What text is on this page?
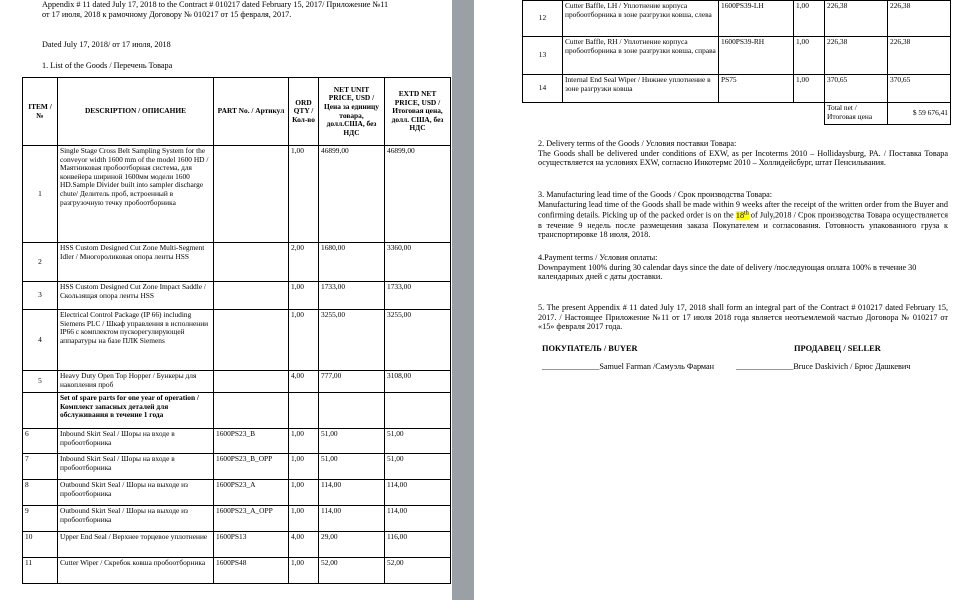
Appendix # 11 dated July 17, 2018 to the Contract # 010217 dated February 15, 2017/ Приложение №11
от 17 июля, 2018 к рамочному Договору № 010217 от 15 февраля, 2017.

Dated July 17, 2018/ от 17 июля, 2018

1. List of the Goods / Перечень Товара

ITEM / №	DESCRIPTION / ОПИСАНИЕ	PART No. / Артикул	ORD QTY / Кол-во	NET UNIT PRICE, USD / Цена за единицу товара, долл.США, без НДС	EXTD NET PRICE, USD / Итоговая цена, долл. США, без НДС
1	Single Stage Cross Belt Sampling System for the conveyor width 1600 mm of the model 1600 HD / Маятниковая пробоотборная система, для конвейера шириной 1600мм модели 1600 HD.Sample Divider built into sampler discharge chute/ Делитель проб, встроенный в разгрузочную течку пробоотборника		1,00	46899,00	46899,00
2	HSS Custom Designed Cut Zone Multi-Segment Idler / Многороликовая опора ленты HSS		2,00	1680,00	3360,00
3	HSS Custom Designed Cut Zone Impact Saddle /Скользящая опора ленты HSS		1,00	1733,00	1733,00
4	Electrical Control Package (IP 66) including Siemens PLC / Шкаф управления в исполнении IP66 с комплектом пускорегулирующей аппаратуры на базе ПЛК Siemens		1,00	3255,00	3255,00
5	Heavy Duty Open Top Hopper / Бункеры для накопления проб		4,00	777,00	3108,00
	Set of spare parts for one year of operation / Комплект запасных деталей для обслуживания в течение 1 года				
6	Inbound Skirt Seal / Шоры на входе в пробоотборника	1600PS23_B	1,00	51,00	51,00
7	Inbound Skirt Seal / Шоры на входе в пробоотборника	1600PS23_B_OPP	1,00	51,00	51,00
8	Outbound Skirt Seal / Шоры на выходе из пробоотборника	1600PS23_A	1,00	114,00	114,00
9	Outbound Skirt Seal / Шоры на выходе из пробоотборника	1600PS23_A_OPP	1,00	114,00	114,00
10	Upper End Seal / Верхнее торцевое уплотнение	1600PS13	4,00	29,00	116,00
11	Cutter Wiper / Скребок ковша пробоотборника	1600PS48	1,00	52,00	52,00
12	Cutter Baffle, LH / Уплотнение корпуса пробоотборника в зоне разгрузки ковша, слева	1600PS39-LH	1,00	226,38	226,38
13	Cutter Baffle, RH / Уплотнение корпуса пробоотборника в зоне разгрузки ковша, справа	1600PS39-RH	1,00	226,38	226,38
14	Internal End Seal Wiper / Нижнее уплотнение в зоне разгрузки ковша	PS75	1,00	370,65	370,65
				Total net / Итоговая цена	$ 59 676,41

2. Delivery terms of the Goods / Условия поставки Товара:

The Goods shall be delivered under conditions of EXW, as per Incoterms 2010 – Hollidaysburg, PA. / Поставка Товара осуществляется на условиях EXW, согласно Инкотермс 2010 – Холлидейсбург, штат Пенсильвания.

3. Manufacturing lead time of the Goods / Срок производства Товара:

Manufacturing lead time of the Goods shall be made within 9 weeks after the receipt of the written order from the Buyer and confirming details. Picking up of the packed order is on the 18th of July,2018 / Срок производства Товара осуществляется в течение 9 недель после размещения заказа Покупателем и согласования. Готовность упакованного груза к транспортировке 18 июля, 2018.

4.Payment terms / Условия оплаты:

Downpayment 100% during 30 calendar days since the date of delivery /последующая оплата 100% в течение 30 календарных дней с даты доставки.

5. The present Appendix # 11 dated July 17, 2018 shall form an integral part of the Contract # 010217 dated February 15, 2017. / Настоящее Приложение №11 от 17 июля 2018 года является неотъемлемой частью Договора № 010217 от «15» февраля 2017 года.

ПОКУПАТЕЛЬ / BUYER	ПРОДАВЕЦ / SELLER

______________Samuel Farman /Самуэль Фарман	______________Bruce Daskivich / Брюс Дашкевич
